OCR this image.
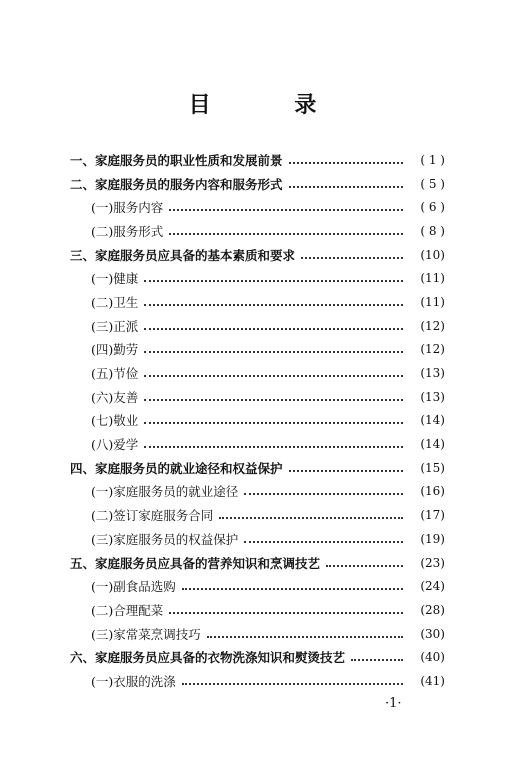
目 录
一、家庭服务员的职业性质和发展前景	( 1 )
二、家庭服务员的服务内容和服务形式	( 5 )
(一)服务内容	( 6 )
(二)服务形式	( 8 )
三、家庭服务员应具备的基本素质和要求	(10)
(一)健康	(11)
(二)卫生	(11)
(三)正派	(12)
(四)勤劳	(12)
(五)节俭	(13)
(六)友善	(13)
(七)敬业	(14)
(八)爱学	(14)
四、家庭服务员的就业途径和权益保护	(15)
(一)家庭服务员的就业途径	(16)
(二)签订家庭服务合同	(17)
(三)家庭服务员的权益保护	(19)
五、家庭服务员应具备的营养知识和烹调技艺	(23)
(一)副食品选购	(24)
(二)合理配菜	(28)
(三)家常菜烹调技巧	(30)
六、家庭服务员应具备的衣物洗涤知识和熨烫技艺	(40)
(一)衣服的洗涤	(41)
·1·
